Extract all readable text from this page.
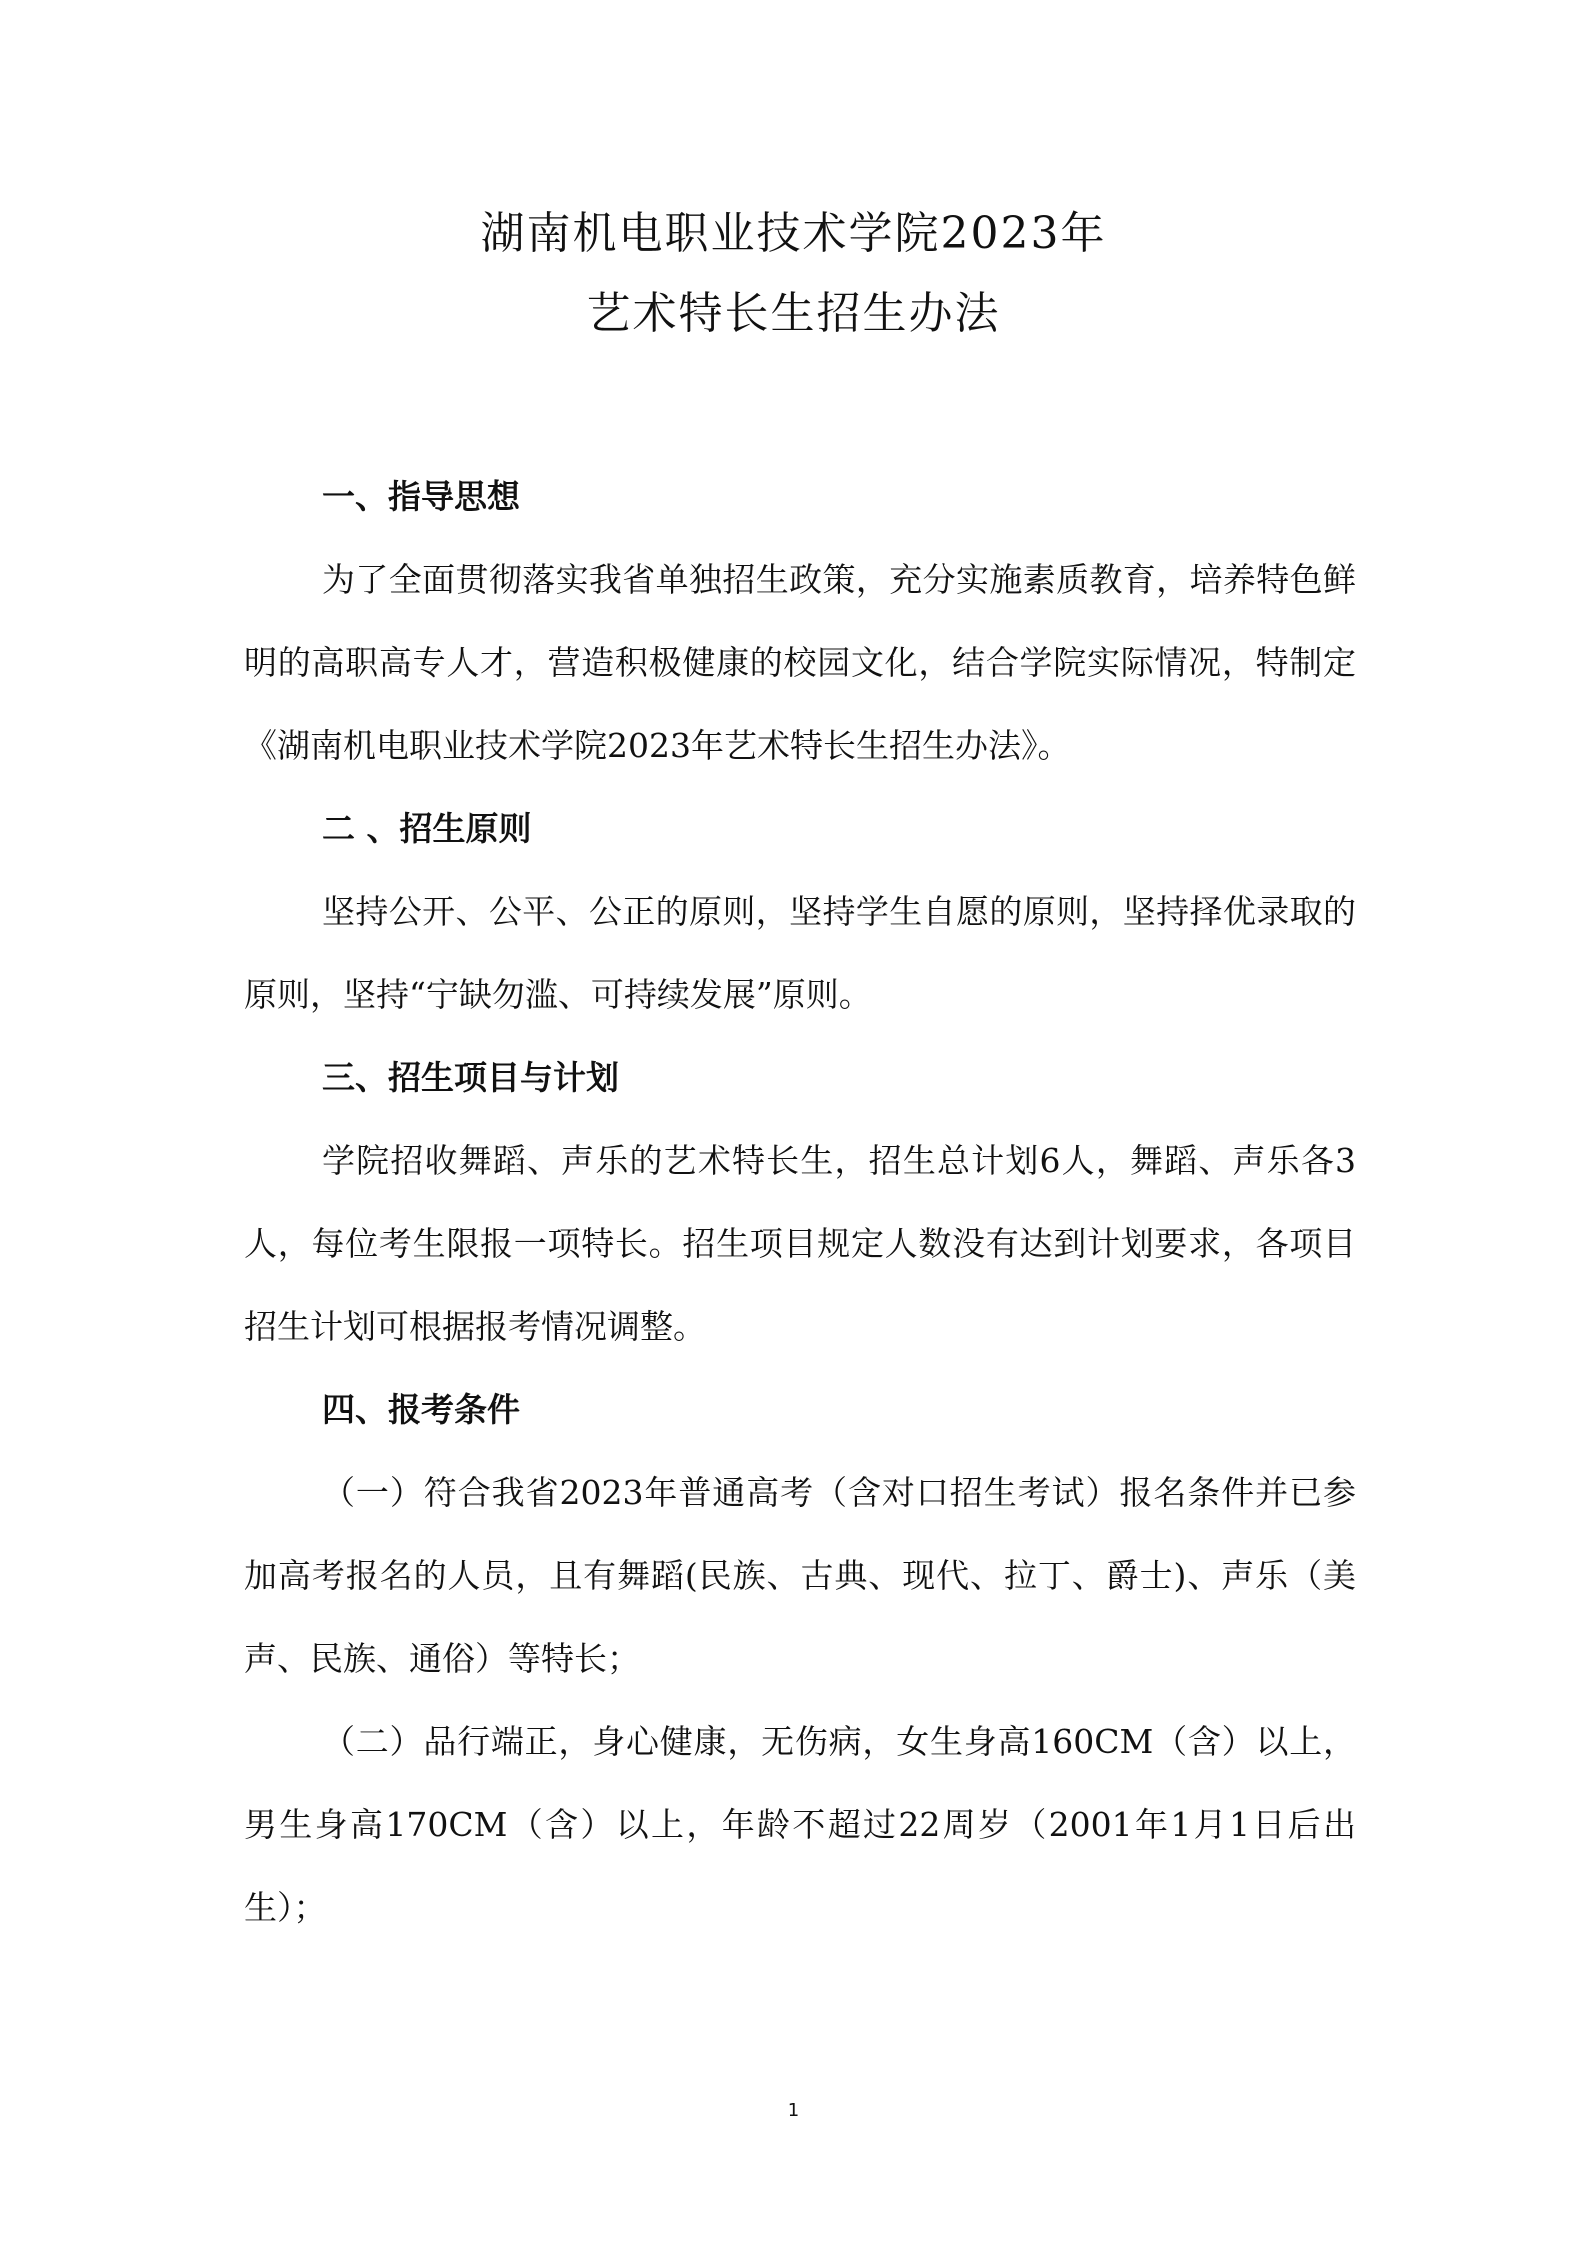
湖南机电职业技术学院2023年
艺术特长生招生办法
一、指导思想

为了全面贯彻落实我省单独招生政策，充分实施素质教育，培养特色鲜明的高职高专人才，营造积极健康的校园文化，结合学院实际情况，特制定《湖南机电职业技术学院2023年艺术特长生招生办法》。

二 、招生原则

坚持公开、公平、公正的原则，坚持学生自愿的原则，坚持择优录取的原则，坚持“宁缺勿滥、可持续发展”原则。

三、招生项目与计划

学院招收舞蹈、声乐的艺术特长生，招生总计划6人，舞蹈、声乐各3人，每位考生限报一项特长。招生项目规定人数没有达到计划要求，各项目招生计划可根据报考情况调整。

四、报考条件

（一）符合我省2023年普通高考（含对口招生考试）报名条件并已参加高考报名的人员，且有舞蹈(民族、古典、现代、拉丁、爵士)、声乐（美声、民族、通俗）等特长；

（二）品行端正，身心健康，无伤病，女生身高160CM（含）以上，男生身高170CM（含）以上，年龄不超过22周岁（2001年1月1日后出生）；

1
